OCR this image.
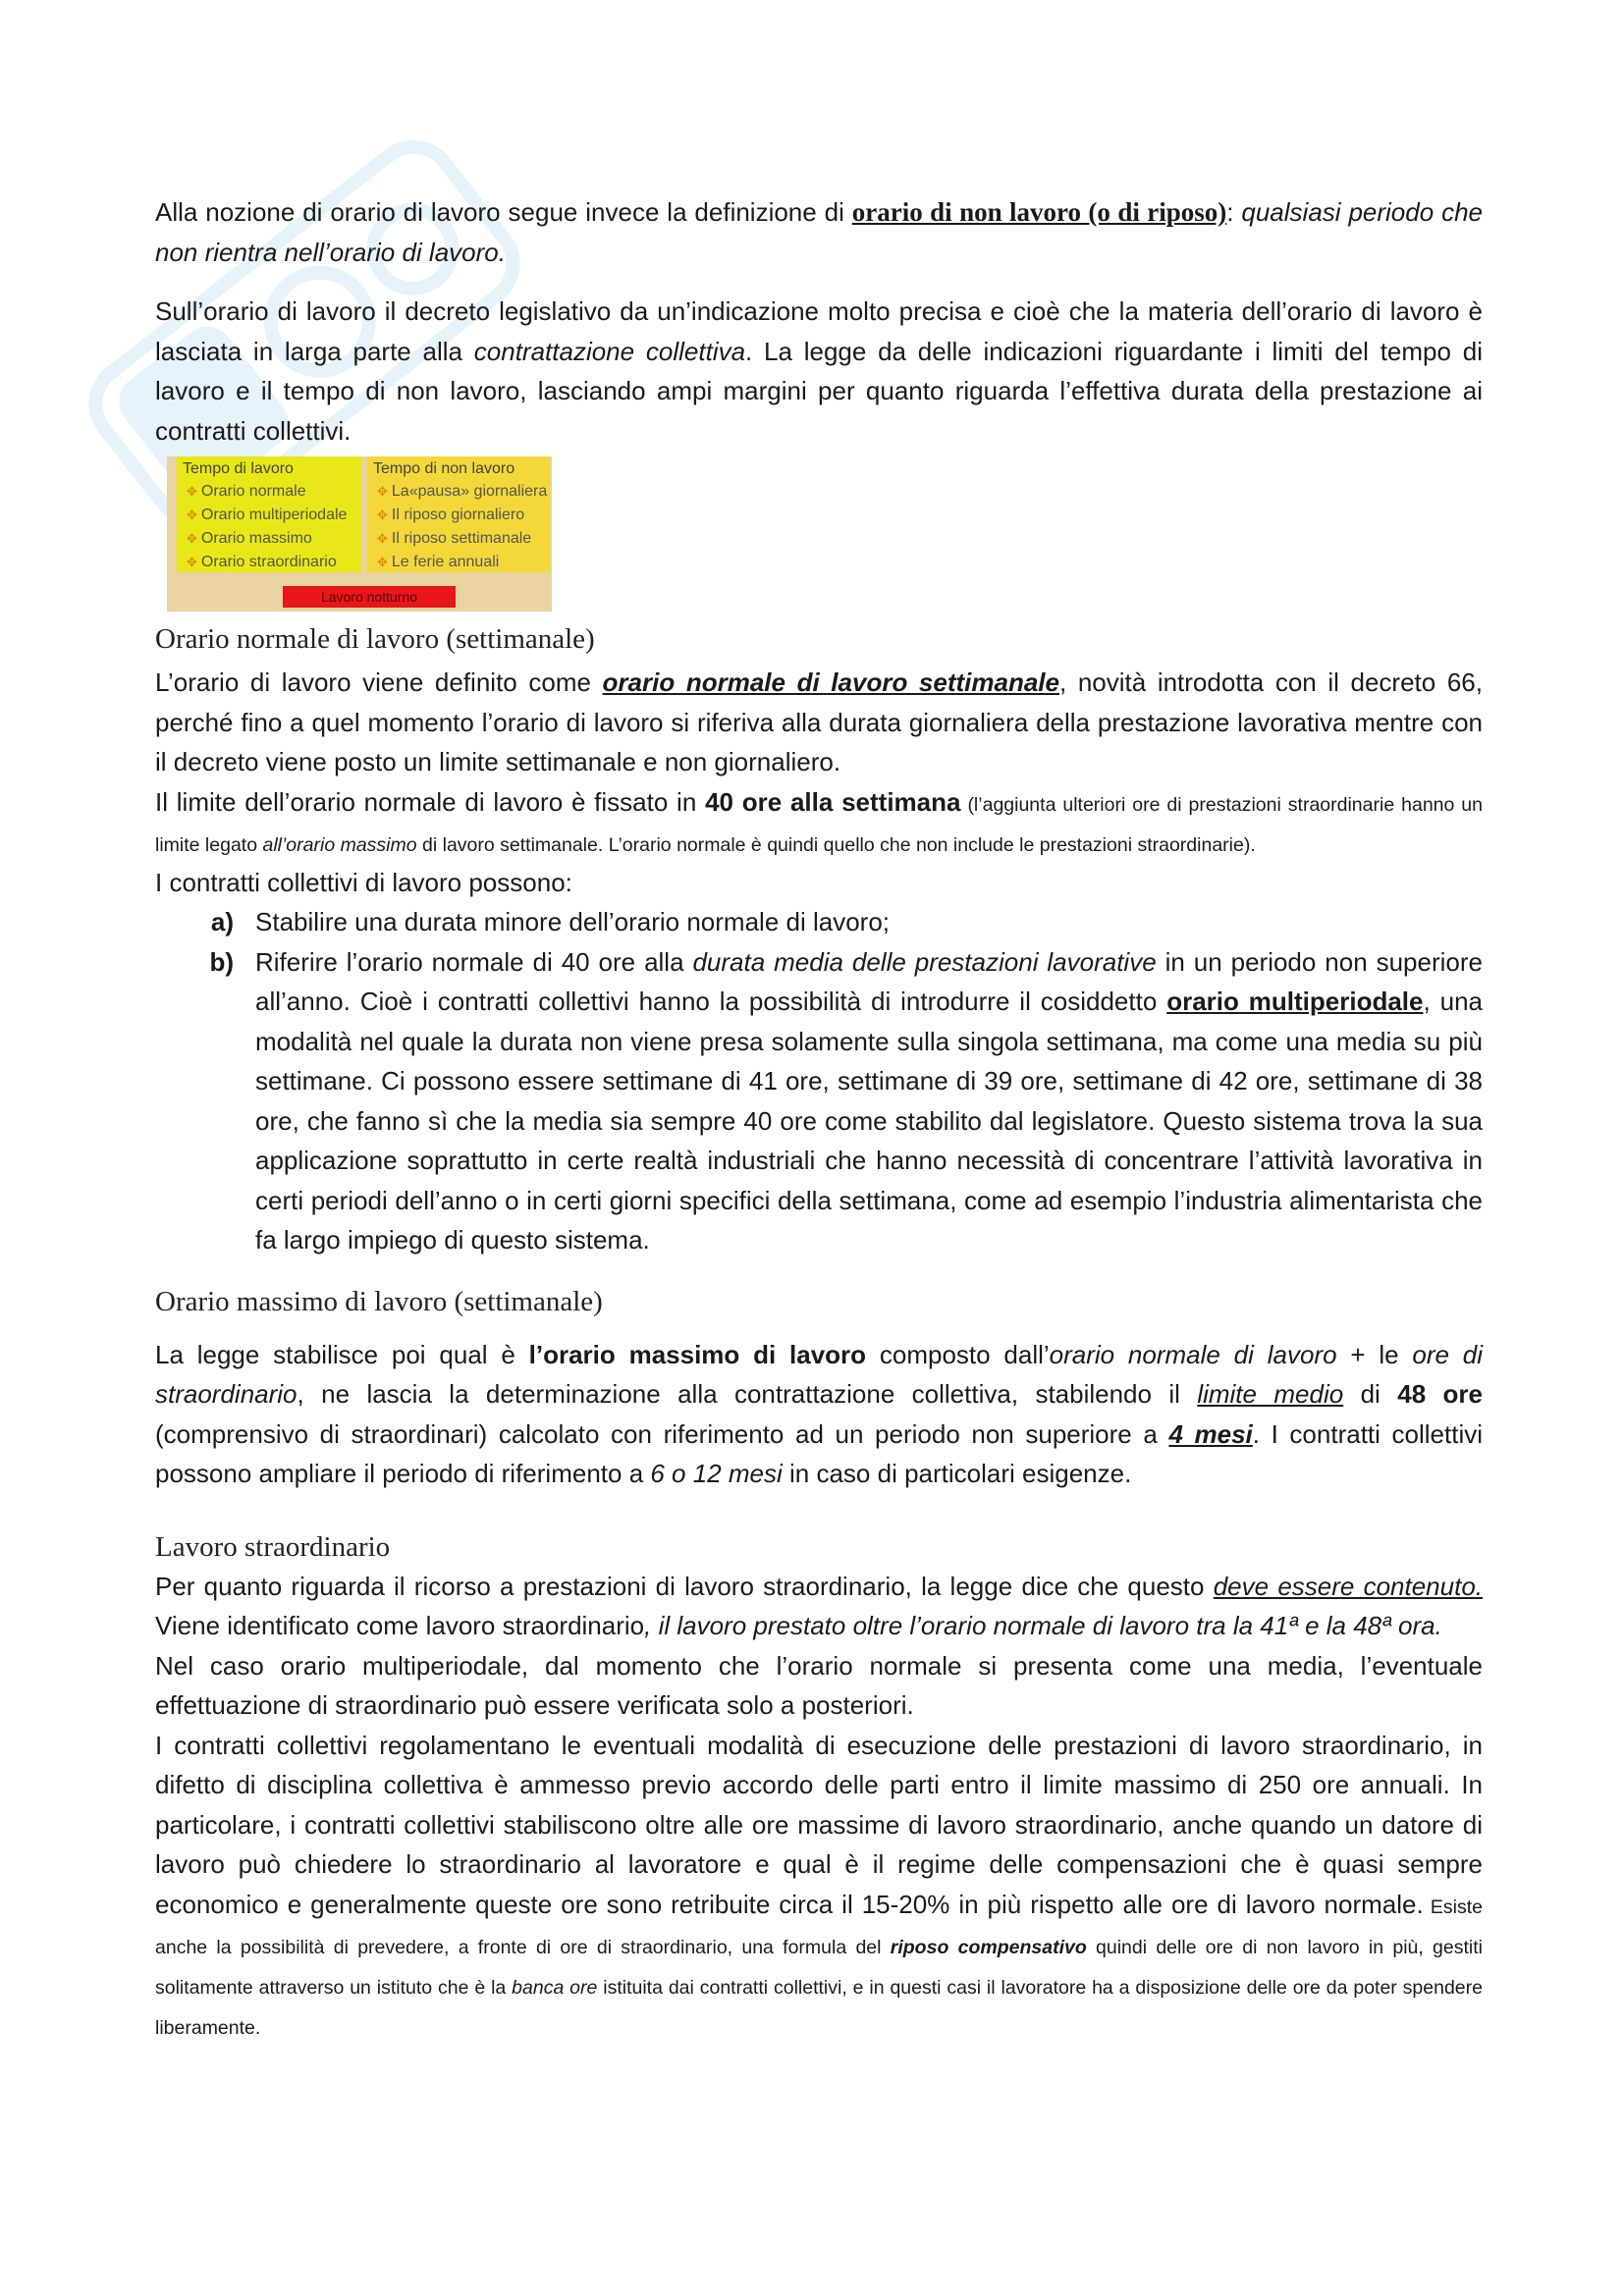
Alla nozione di orario di lavoro segue invece la definizione di orario di non lavoro (o di riposo): qualsiasi periodo che non rientra nell’orario di lavoro.

Sull’orario di lavoro il decreto legislativo da un’indicazione molto precisa e cioè che la materia dell’orario di lavoro è lasciata in larga parte alla contrattazione collettiva. La legge da delle indicazioni riguardante i limiti del tempo di lavoro e il tempo di non lavoro, lasciando ampi margini per quanto riguarda l’effettiva durata della prestazione ai contratti collettivi.

Tempo di lavoro
✥ Orario normale
✥ Orario multiperiodale
✥ Orario massimo
✥ Orario straordinario
Tempo di non lavoro
✥ La«pausa» giornaliera
✥ Il riposo giornaliero
✥ Il riposo settimanale
✥ Le ferie annuali
Lavoro notturno
Orario normale di lavoro (settimanale)

L’orario di lavoro viene definito come orario normale di lavoro settimanale, novità introdotta con il decreto 66, perché fino a quel momento l’orario di lavoro si riferiva alla durata giornaliera della prestazione lavorativa mentre con il decreto viene posto un limite settimanale e non giornaliero.

Il limite dell’orario normale di lavoro è fissato in 40 ore alla settimana (l’aggiunta ulteriori ore di prestazioni straordinarie hanno un limite legato all’orario massimo di lavoro settimanale. L’orario normale è quindi quello che non include le prestazioni straordinarie).

I contratti collettivi di lavoro possono:

a) Stabilire una durata minore dell’orario normale di lavoro;
b) Riferire l’orario normale di 40 ore alla durata media delle prestazioni lavorative in un periodo non superiore all’anno. Cioè i contratti collettivi hanno la possibilità di introdurre il cosiddetto orario multiperiodale, una modalità nel quale la durata non viene presa solamente sulla singola settimana, ma come una media su più settimane. Ci possono essere settimane di 41 ore, settimane di 39 ore, settimane di 42 ore, settimane di 38 ore, che fanno sì che la media sia sempre 40 ore come stabilito dal legislatore. Questo sistema trova la sua applicazione soprattutto in certe realtà industriali che hanno necessità di concentrare l’attività lavorativa in certi periodi dell’anno o in certi giorni specifici della settimana, come ad esempio l’industria alimentarista che fa largo impiego di questo sistema.
Orario massimo di lavoro (settimanale)

La legge stabilisce poi qual è l’orario massimo di lavoro composto dall’orario normale di lavoro + le ore di straordinario, ne lascia la determinazione alla contrattazione collettiva, stabilendo il limite medio di 48 ore (comprensivo di straordinari) calcolato con riferimento ad un periodo non superiore a 4 mesi. I contratti collettivi possono ampliare il periodo di riferimento a 6 o 12 mesi in caso di particolari esigenze.

Lavoro straordinario

Per quanto riguarda il ricorso a prestazioni di lavoro straordinario, la legge dice che questo deve essere contenuto. Viene identificato come lavoro straordinario, il lavoro prestato oltre l’orario normale di lavoro tra la 41ª e la 48ª ora.

Nel caso orario multiperiodale, dal momento che l’orario normale si presenta come una media, l’eventuale effettuazione di straordinario può essere verificata solo a posteriori.

I contratti collettivi regolamentano le eventuali modalità di esecuzione delle prestazioni di lavoro straordinario, in difetto di disciplina collettiva è ammesso previo accordo delle parti entro il limite massimo di 250 ore annuali. In particolare, i contratti collettivi stabiliscono oltre alle ore massime di lavoro straordinario, anche quando un datore di lavoro può chiedere lo straordinario al lavoratore e qual è il regime delle compensazioni che è quasi sempre economico e generalmente queste ore sono retribuite circa il 15-20% in più rispetto alle ore di lavoro normale. Esiste anche la possibilità di prevedere, a fronte di ore di straordinario, una formula del riposo compensativo quindi delle ore di non lavoro in più, gestiti solitamente attraverso un istituto che è la banca ore istituita dai contratti collettivi, e in questi casi il lavoratore ha a disposizione delle ore da poter spendere liberamente.
